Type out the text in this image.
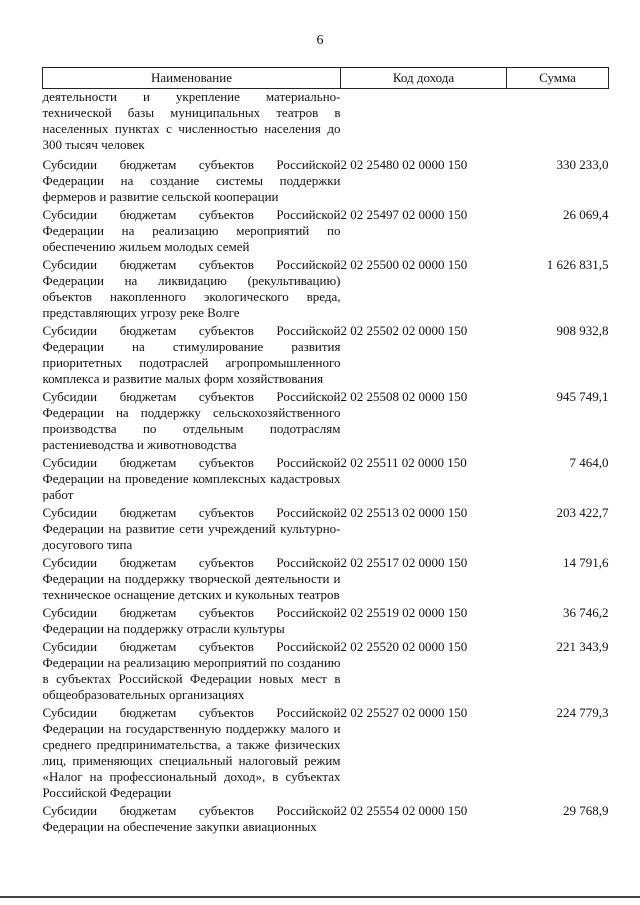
6
Наименование	Код дохода	Сумма
деятельности и укрепление материально-технической базы муниципальных театров в населенных пунктах с численностью населения до 300 тысяч человек		
Субсидии бюджетам субъектов Российской Федерации на создание системы поддержки фермеров и развитие сельской кооперации	2 02 25480 02 0000 150	330 233,0
Субсидии бюджетам субъектов Российской Федерации на реализацию мероприятий по обеспечению жильем молодых семей	2 02 25497 02 0000 150	26 069,4
Субсидии бюджетам субъектов Российской Федерации на ликвидацию (рекультивацию) объектов накопленного экологического вреда, представляющих угрозу реке Волге	2 02 25500 02 0000 150	1 626 831,5
Субсидии бюджетам субъектов Российской Федерации на стимулирование развития приоритетных подотраслей агропромышленного комплекса и развитие малых форм хозяйствования	2 02 25502 02 0000 150	908 932,8
Субсидии бюджетам субъектов Российской Федерации на поддержку сельскохозяйственного производства по отдельным подотраслям растениеводства и животноводства	2 02 25508 02 0000 150	945 749,1
Субсидии бюджетам субъектов Российской Федерации на проведение комплексных кадастровых работ	2 02 25511 02 0000 150	7 464,0
Субсидии бюджетам субъектов Российской Федерации на развитие сети учреждений культурно-досугового типа	2 02 25513 02 0000 150	203 422,7
Субсидии бюджетам субъектов Российской Федерации на поддержку творческой деятельности и техническое оснащение детских и кукольных театров	2 02 25517 02 0000 150	14 791,6
Субсидии бюджетам субъектов Российской Федерации на поддержку отрасли культуры	2 02 25519 02 0000 150	36 746,2
Субсидии бюджетам субъектов Российской Федерации на реализацию мероприятий по созданию в субъектах Российской Федерации новых мест в общеобразовательных организациях	2 02 25520 02 0000 150	221 343,9
Субсидии бюджетам субъектов Российской Федерации на государственную поддержку малого и среднего предпринимательства, а также физических лиц, применяющих специальный налоговый режим «Налог на профессиональный доход», в субъектах Российской Федерации	2 02 25527 02 0000 150	224 779,3
Субсидии бюджетам субъектов Российской Федерации на обеспечение закупки авиационных	2 02 25554 02 0000 150	29 768,9
